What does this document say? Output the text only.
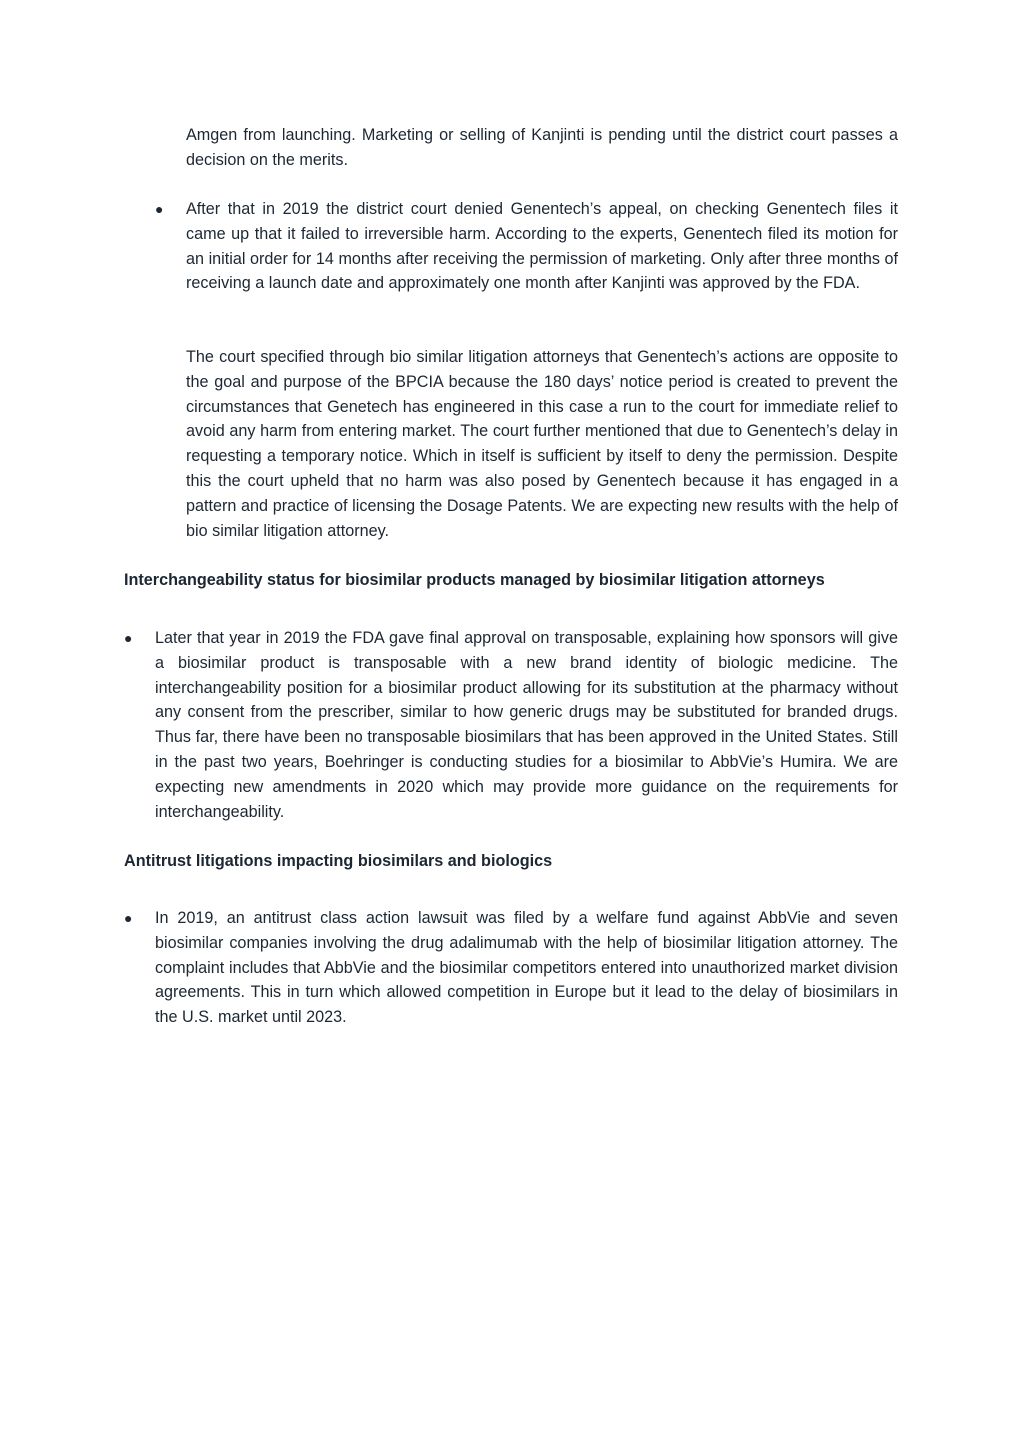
Amgen from launching. Marketing or selling of Kanjinti is pending until the district court passes a decision on the merits.

● After that in 2019 the district court denied Genentech’s appeal, on checking Genentech files it came up that it failed to irreversible harm. According to the experts, Genentech filed its motion for an initial order for 14 months after receiving the permission of marketing. Only after three months of receiving a launch date and approximately one month after Kanjinti was approved by the FDA.

The court specified through bio similar litigation attorneys that Genentech’s actions are opposite to the goal and purpose of the BPCIA because the 180 days’ notice period is created to prevent the circumstances that Genetech has engineered in this case a run to the court for immediate relief to avoid any harm from entering market. The court further mentioned that due to Genentech’s delay in requesting a temporary notice. Which in itself is sufficient by itself to deny the permission. Despite this the court upheld that no harm was also posed by Genentech because it has engaged in a pattern and practice of licensing the Dosage Patents. We are expecting new results with the help of bio similar litigation attorney.

Interchangeability status for biosimilar products managed by biosimilar litigation attorneys
● Later that year in 2019 the FDA gave final approval on transposable, explaining how sponsors will give a biosimilar product is transposable with a new brand identity of biologic medicine. The interchangeability position for a biosimilar product allowing for its substitution at the pharmacy without any consent from the prescriber, similar to how generic drugs may be substituted for branded drugs. Thus far, there have been no transposable biosimilars that has been approved in the United States. Still in the past two years, Boehringer is conducting studies for a biosimilar to AbbVie’s Humira. We are expecting new amendments in 2020 which may provide more guidance on the requirements for interchangeability.

Antitrust litigations impacting biosimilars and biologics
● In 2019, an antitrust class action lawsuit was filed by a welfare fund against AbbVie and seven biosimilar companies involving the drug adalimumab with the help of biosimilar litigation attorney. The complaint includes that AbbVie and the biosimilar competitors entered into unauthorized market division agreements. This in turn which allowed competition in Europe but it lead to the delay of biosimilars in the U.S. market until 2023.
